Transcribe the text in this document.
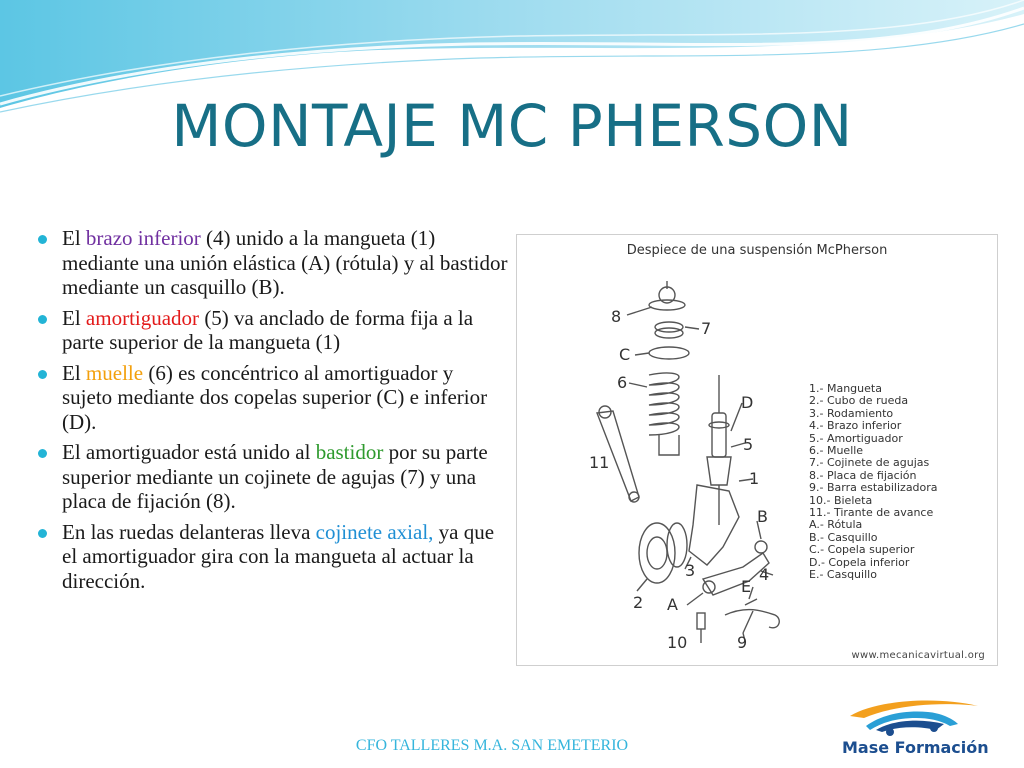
MONTAJE MC PHERSON
El brazo inferior (4) unido a la mangueta (1) mediante una unión elástica (A) (rótula) y al bastidor mediante un casquillo (B).
El amortiguador (5) va anclado de forma fija a la parte superior de la mangueta (1)
El muelle (6) es concéntrico al amortiguador y sujeto mediante dos copelas superior (C) e inferior (D).
El amortiguador está unido al bastidor por su parte superior mediante un cojinete de agujas (7) y una placa de fijación (8).
En las ruedas delanteras lleva cojinete axial, ya que el amortiguador gira con la mangueta al actuar la dirección.
Despiece de una suspensión McPherson
8
7
C
6
D
5
11
1
B
3	4
E
2 A
10	9
1.- Mangueta
2.- Cubo de rueda
3.- Rodamiento
4.- Brazo inferior
5.- Amortiguador
6.- Muelle
7.- Cojinete de agujas
8.- Placa de fijación
9.- Barra estabilizadora
10.- Bieleta
11.- Tirante de avance
A.- Rótula
B.- Casquillo
C.- Copela superior
D.- Copela inferior
E.- Casquillo
www.mecanicavirtual.org
CFO TALLERES M.A. SAN EMETERIO	Mase Formación
